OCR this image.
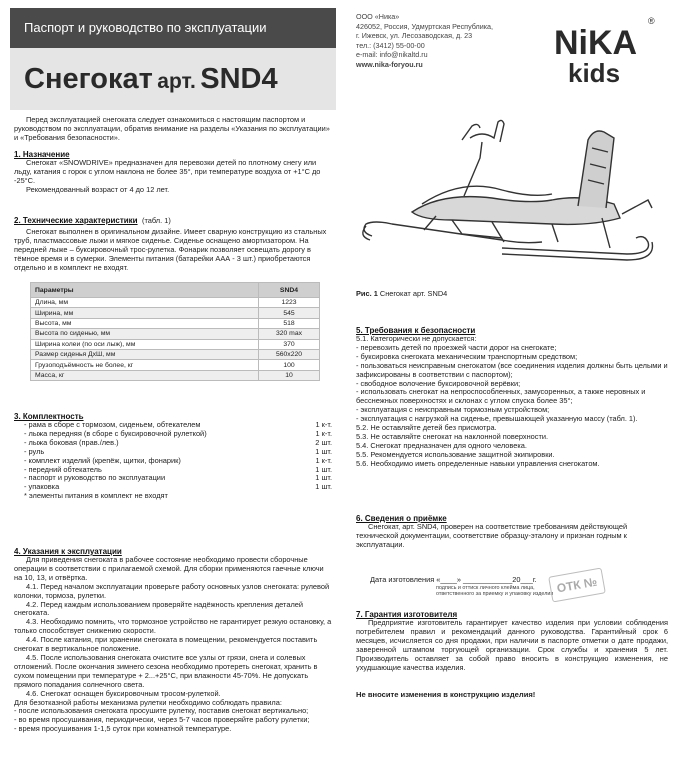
Паспорт и руководство по эксплуатации
Снегокат арт. SND4
ООО «Ника»
426052, Россия, Удмуртская Республика,
г. Ижевск, ул. Лесозаводская, д. 23
тел.: (3412) 55-00-00
e-mail: info@nikaltd.ru
www.nika-foryou.ru
NiKA
kids
®
Перед эксплуатацией снегоката следует ознакомиться с настоящим паспортом и руководством по эксплуатации, обратив внимание на разделы «Указания по эксплуатации» и «Требования безопасности».
1. Назначение
Снегокат «SNOWDRIVE» предназначен для перевозки детей по плотному снегу или льду, катания с горок с углом наклона не более 35°, при температуре воздуха от +1°С до -25°С.
Рекомендованный возраст от 4 до 12 лет.
2. Технические характеристики (табл. 1)
Снегокат выполнен в оригинальном дизайне. Имеет сварную конструкцию из стальных труб, пластмассовые лыжи и мягкое сиденье. Сиденье оснащено амортизатором. На передней лыже – буксировочный трос-рулетка. Фонарик позволяет освещать дорогу в тёмное время и в сумерки. Элементы питания (батарейки ААА - 3 шт.) приобретаются отдельно и в комплект не входят.
Параметры	SND4
Длина, мм	1223
Ширина, мм	545
Высота, мм	518
Высота по сиденью, мм	320 max
Ширина колеи (по оси лыж), мм	370
Размер сиденья ДхШ, мм	560х220
Грузоподъёмность не более, кг	100
Масса, кг	10
3. Комплектность
- рама в сборе с тормозом, сиденьем, обтекателем	1 к-т.
- лыжа передняя (в сборе с буксировочной рулеткой)	1 к-т.
- лыжа боковая (прав./лев.)	2 шт.
- руль	1 шт.
- комплект изделий (крепёж, щитки, фонарик)	1 к-т.
- передний обтекатель	1 шт.
- паспорт и руководство по эксплуатации	1 шт.
- упаковка	1 шт.
* элементы питания в комплект не входят
4. Указания к эксплуатации

Для приведения снегоката в рабочее состояние необходимо провести сборочные операции в соответствии с прилагаемой схемой. Для сборки применяются гаечные ключи на 10, 13, и отвёртка.

4.1. Перед началом эксплуатации проверьте работу основных узлов снегоката: рулевой колонки, тормоза, рулетки.

4.2. Перед каждым использованием проверяйте надёжность крепления деталей снегоката.

4.3. Необходимо помнить, что тормозное устройство не гарантирует резкую остановку, а только способствует снижению скорости.

4.4. После катания, при хранении снегоката в помещении, рекомендуется поставить снегокат в вертикальное положение.

4.5. После использования снегоката очистите все узлы от грязи, снега и солевых отложений. После окончания зимнего сезона необходимо протереть снегокат, хранить в сухом помещении при температуре + 2...+25°С, при влажности 45-70%. Не допускать прямого попадания солнечного света.

4.6. Снегокат оснащен буксировочным тросом-рулеткой.

Для безотказной работы механизма рулетки необходимо соблюдать правила:

- после использования снегоката просушите рулетку, поставив снегокат вертикально;

- во время просушивания, периодически, через 5-7 часов проверяйте работу рулетки;

- время просушивания 1-1,5 суток при комнатной температуре.

Рис. 1 Снегокат арт. SND4
5. Требования к безопасности

5.1. Категорически не допускается:

- перевозить детей по проезжей части дорог на снегокате;

- буксировка снегоката механическим транспортным средством;

- пользоваться неисправным снегокатом (все соединения изделия должны быть целыми и зафиксированы в соответствии с паспортом);

- свободное волочение буксировочной верёвки;

- использовать снегокат на непроспособленных, замусоренных, а также неровных и бесснежных поверхностях и склонах с углом спуска более 35°;

- эксплуатация с неисправным тормозным устройством;

- эксплуатация с нагрузкой на сиденье, превышающей указанную массу (табл. 1).

5.2. Не оставляйте детей без присмотра.

5.3. Не оставляйте снегокат на наклонной поверхности.

5.4. Снегокат предназначен для одного человека.

5.5. Рекомендуется использование защитной экипировки.

5.6. Необходимо иметь определенные навыки управления снегокатом.

6. Сведения о приёмке
Снегокат, арт. SND4, проверен на соответствие требованиям действующей технической документации, соответствие образцу-эталону и признан годным к эксплуатации.
Дата изготовления «____» ____________20___г.
подпись и оттиск личного клейма лица,
ответственного за приемку и упаковку изделия ОТК №
7. Гарантия изготовителя
Предприятие изготовитель гарантирует качество изделия при условии соблюдения потребителем правил и рекомендаций данного руководства. Гарантийный срок 6 месяцев, исчисляется со дня продажи, при наличии в паспорте отметки о дате продажи, заверенной штампом торгующей организации. Срок службы и хранения 5 лет. Производитель оставляет за собой право вносить в конструкцию изменения, не ухудшающие качества изделия.
Не вносите изменения в конструкцию изделия!
